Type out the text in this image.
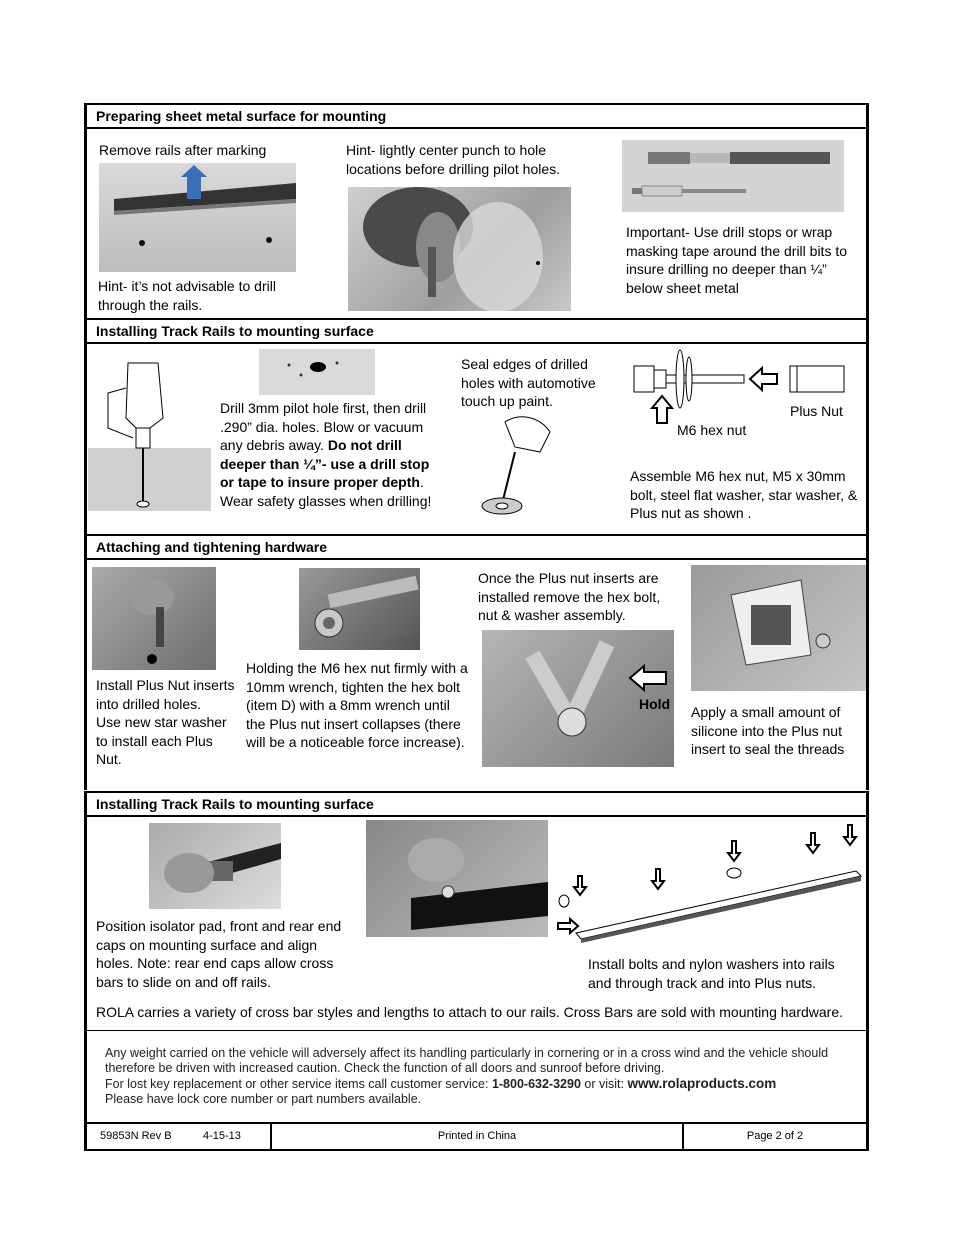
Preparing sheet metal surface for mounting
Remove rails after marking
Hint- it’s not advisable to drill through the rails.
Hint- lightly center punch to hole locations before drilling pilot holes.
Important- Use drill stops or wrap masking tape around the drill bits to insure drilling no deeper than ¼” below sheet metal
Installing Track Rails to mounting surface
Drill 3mm pilot hole first, then drill .290” dia. holes. Blow or vacuum any debris away. Do not drill deeper than ¼”- use a drill stop or tape to insure proper depth. Wear safety glasses when drilling!
Seal edges of drilled holes with automotive touch up paint.
Plus Nut
M6 hex nut
Assemble M6 hex nut, M5 x 30mm bolt, steel flat washer, star washer, & Plus nut as shown .
Attaching and tightening hardware
Install Plus Nut inserts into drilled holes.
Use new star washer to install each Plus Nut.
Holding the M6 hex nut firmly with a 10mm wrench, tighten the hex bolt (item D) with a 8mm wrench until the Plus nut insert collapses (there will be a noticeable force increase).
Once the Plus nut inserts are installed remove the hex bolt, nut & washer assembly.
Hold Apply a small amount of silicone into the Plus nut insert to seal the threads
Installing Track Rails to mounting surface
Position isolator pad, front and rear end caps on mounting surface and align holes. Note: rear end caps allow cross bars to slide on and off rails.
Install bolts and nylon washers into rails and through track and into Plus nuts.
ROLA carries a variety of cross bar styles and lengths to attach to our rails. Cross Bars are sold with mounting hardware.
Any weight carried on the vehicle will adversely affect its handling particularly in cornering or in a cross wind and the vehicle should therefore be driven with increased caution. Check the function of all doors and sunroof before driving.
For lost key replacement or other service items call customer service: 1-800-632-3290 or visit: www.rolaproducts.com
Please have lock core number or part numbers available.
59853N Rev B	4-15-13	Printed in China	Page 2 of 2
